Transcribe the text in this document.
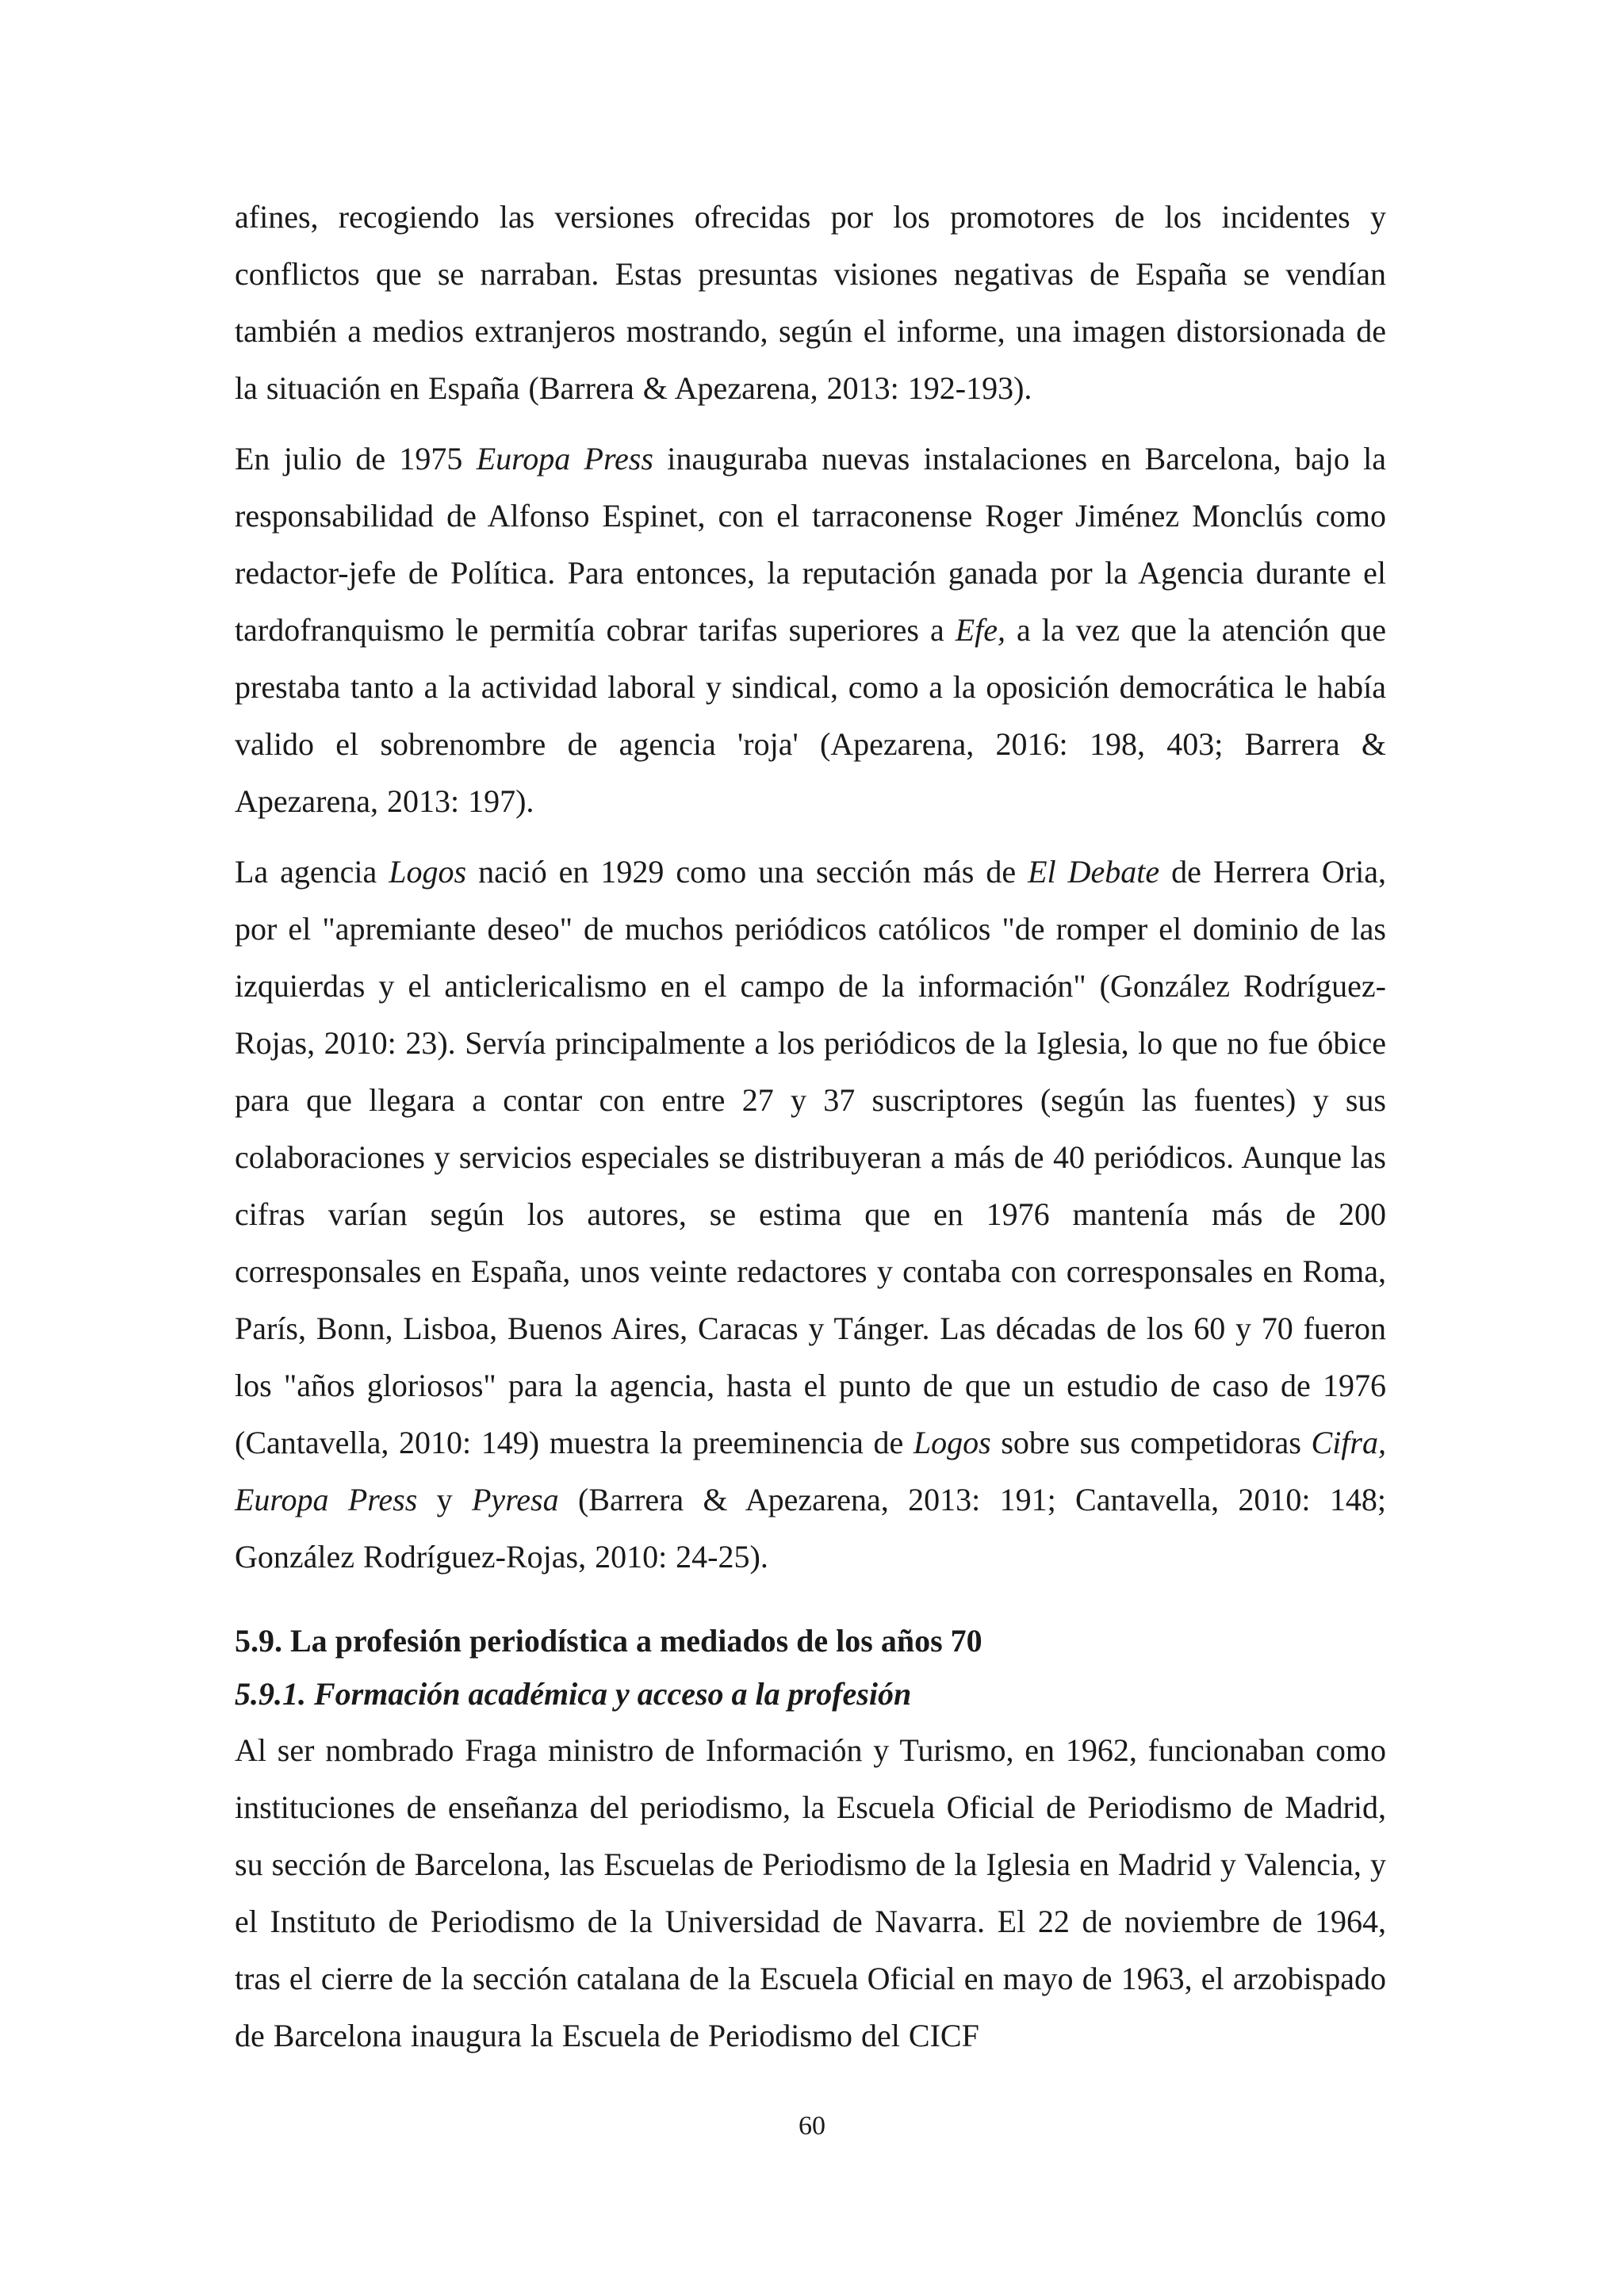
afines, recogiendo las versiones ofrecidas por los promotores de los incidentes y conflictos que se narraban. Estas presuntas visiones negativas de España se vendían también a medios extranjeros mostrando, según el informe, una imagen distorsionada de la situación en España (Barrera & Apezarena, 2013: 192-193).

En julio de 1975 Europa Press inauguraba nuevas instalaciones en Barcelona, bajo la responsabilidad de Alfonso Espinet, con el tarraconense Roger Jiménez Monclús como redactor-jefe de Política. Para entonces, la reputación ganada por la Agencia durante el tardofranquismo le permitía cobrar tarifas superiores a Efe, a la vez que la atención que prestaba tanto a la actividad laboral y sindical, como a la oposición democrática le había valido el sobrenombre de agencia 'roja' (Apezarena, 2016: 198, 403; Barrera & Apezarena, 2013: 197).

La agencia Logos nació en 1929 como una sección más de El Debate de Herrera Oria, por el "apremiante deseo" de muchos periódicos católicos "de romper el dominio de las izquierdas y el anticlericalismo en el campo de la información" (González Rodríguez-Rojas, 2010: 23). Servía principalmente a los periódicos de la Iglesia, lo que no fue óbice para que llegara a contar con entre 27 y 37 suscriptores (según las fuentes) y sus colaboraciones y servicios especiales se distribuyeran a más de 40 periódicos. Aunque las cifras varían según los autores, se estima que en 1976 mantenía más de 200 corresponsales en España, unos veinte redactores y contaba con corresponsales en Roma, París, Bonn, Lisboa, Buenos Aires, Caracas y Tánger. Las décadas de los 60 y 70 fueron los "años gloriosos" para la agencia, hasta el punto de que un estudio de caso de 1976 (Cantavella, 2010: 149) muestra la preeminencia de Logos sobre sus competidoras Cifra, Europa Press y Pyresa (Barrera & Apezarena, 2013: 191; Cantavella, 2010: 148; González Rodríguez-Rojas, 2010: 24-25).

5.9. La profesión periodística a mediados de los años 70
5.9.1. Formación académica y acceso a la profesión

Al ser nombrado Fraga ministro de Información y Turismo, en 1962, funcionaban como instituciones de enseñanza del periodismo, la Escuela Oficial de Periodismo de Madrid, su sección de Barcelona, las Escuelas de Periodismo de la Iglesia en Madrid y Valencia, y el Instituto de Periodismo de la Universidad de Navarra. El 22 de noviembre de 1964, tras el cierre de la sección catalana de la Escuela Oficial en mayo de 1963, el arzobispado de Barcelona inaugura la Escuela de Periodismo del CICF

60
